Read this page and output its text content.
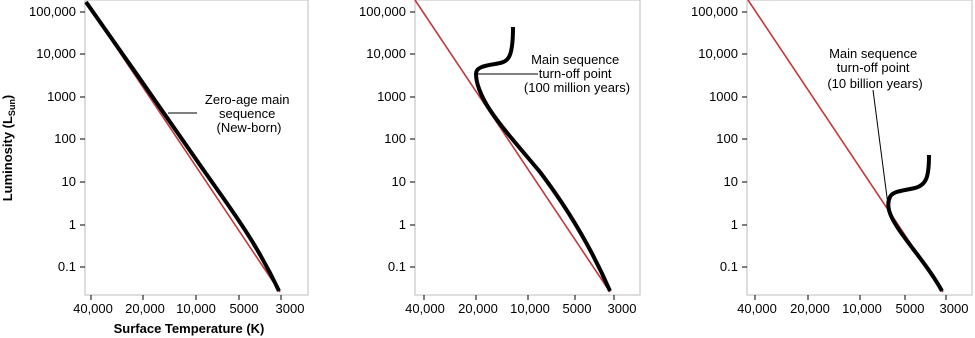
100,000
10,000
1000
100
10
1
0.1
40,000 20,000 10,000 5000 3000
Surface Temperature (K)
Luminosity $(L_{Sun})$	Zero-age main sequence (New-born)
100,000
10,000
1000
100
10
1
0.1
40,000 20,000 10,000 5000 3000
Main sequence turn-off point (100 million years)
100,000
10,000
1000
100
10
1
0.1
40,000 20,000 10,000 5000 3000
Main sequence turn-off point (10 billion years)
